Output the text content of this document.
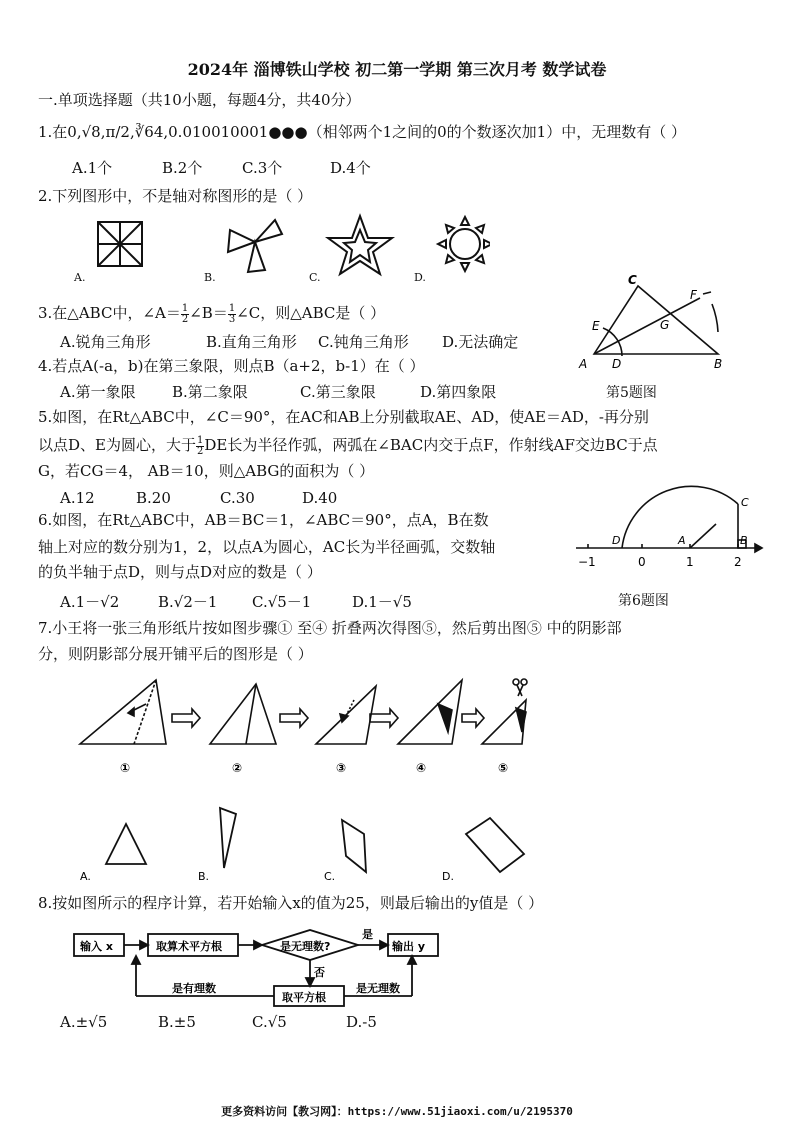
2024年 淄博铁山学校 初二第一学期 第三次月考 数学试卷
一.单项选择题（共10小题，每题4分，共40分）
1.在0,√8,π/2,∛64,0.010010001●●●（相邻两个1之间的0的个数逐次加1）中，无理数有（ ）
A.1个	B.2个	C.3个	D.4个
2.下列图形中，不是轴对称图形的是（ ）
A.	B.	C.	D.
3.在△ABC中，∠A＝ $\frac{1}{2}$ ∠B＝ $\frac{1}{3}$ ∠C，则△ABC是（ ）
A.锐角三角形	B.直角三角形 C.钝角三角形 D.无法确定
C
F
E	G
A D	B
4.若点A(-a，b)在第三象限，则点B（a+2，b-1）在（ ）
A.第一象限 B.第二象限	C.第三象限	D.第四象限	第5题图
5.如图，在Rt△ABC中，∠C＝90°，在AC和AB上分别截取AE、AD，使AE＝AD，-再分别
以点D、E为圆心，大于 $\frac{1}{2}$ DE长为半径作弧，两弧在∠BAC内交于点F，作射线AF交边BC于点
G，若CG＝4， AB＝10，则△ABG的面积为（ ）
A.12	B.20	C.30	D.40
6.如图，在Rt△ABC中，AB＝BC＝1，∠ABC＝90°，点A，B在数
轴上对应的数分别为1，2，以点A为圆心，AC长为半径画弧，交数轴
的负半轴于点D，则与点D对应的数是（ ）
A.1－√2	B.√2－1 C.√5－1	D.1－√5
−1	0	1	2
D	A	B
C
第6题图
7.小王将一张三角形纸片按如图步骤① 至④ 折叠两次得图⑤，然后剪出图⑤ 中的阴影部
分，则阴影部分展开铺平后的图形是（ ）
①	②	③	④	⑤
A.	B.	C.	D.
8.按如图所示的程序计算，若开始输入x的值为25，则最后输出的y值是（ ）
输入 x	取算术平方根	是无理数?	输出 y
是
否
取平方根
是有理数	是无理数
A.±√5	B.±5	C.√5	D.-5
更多资料访问【教习网】：https://www.51jiaoxi.com/u/2195370
